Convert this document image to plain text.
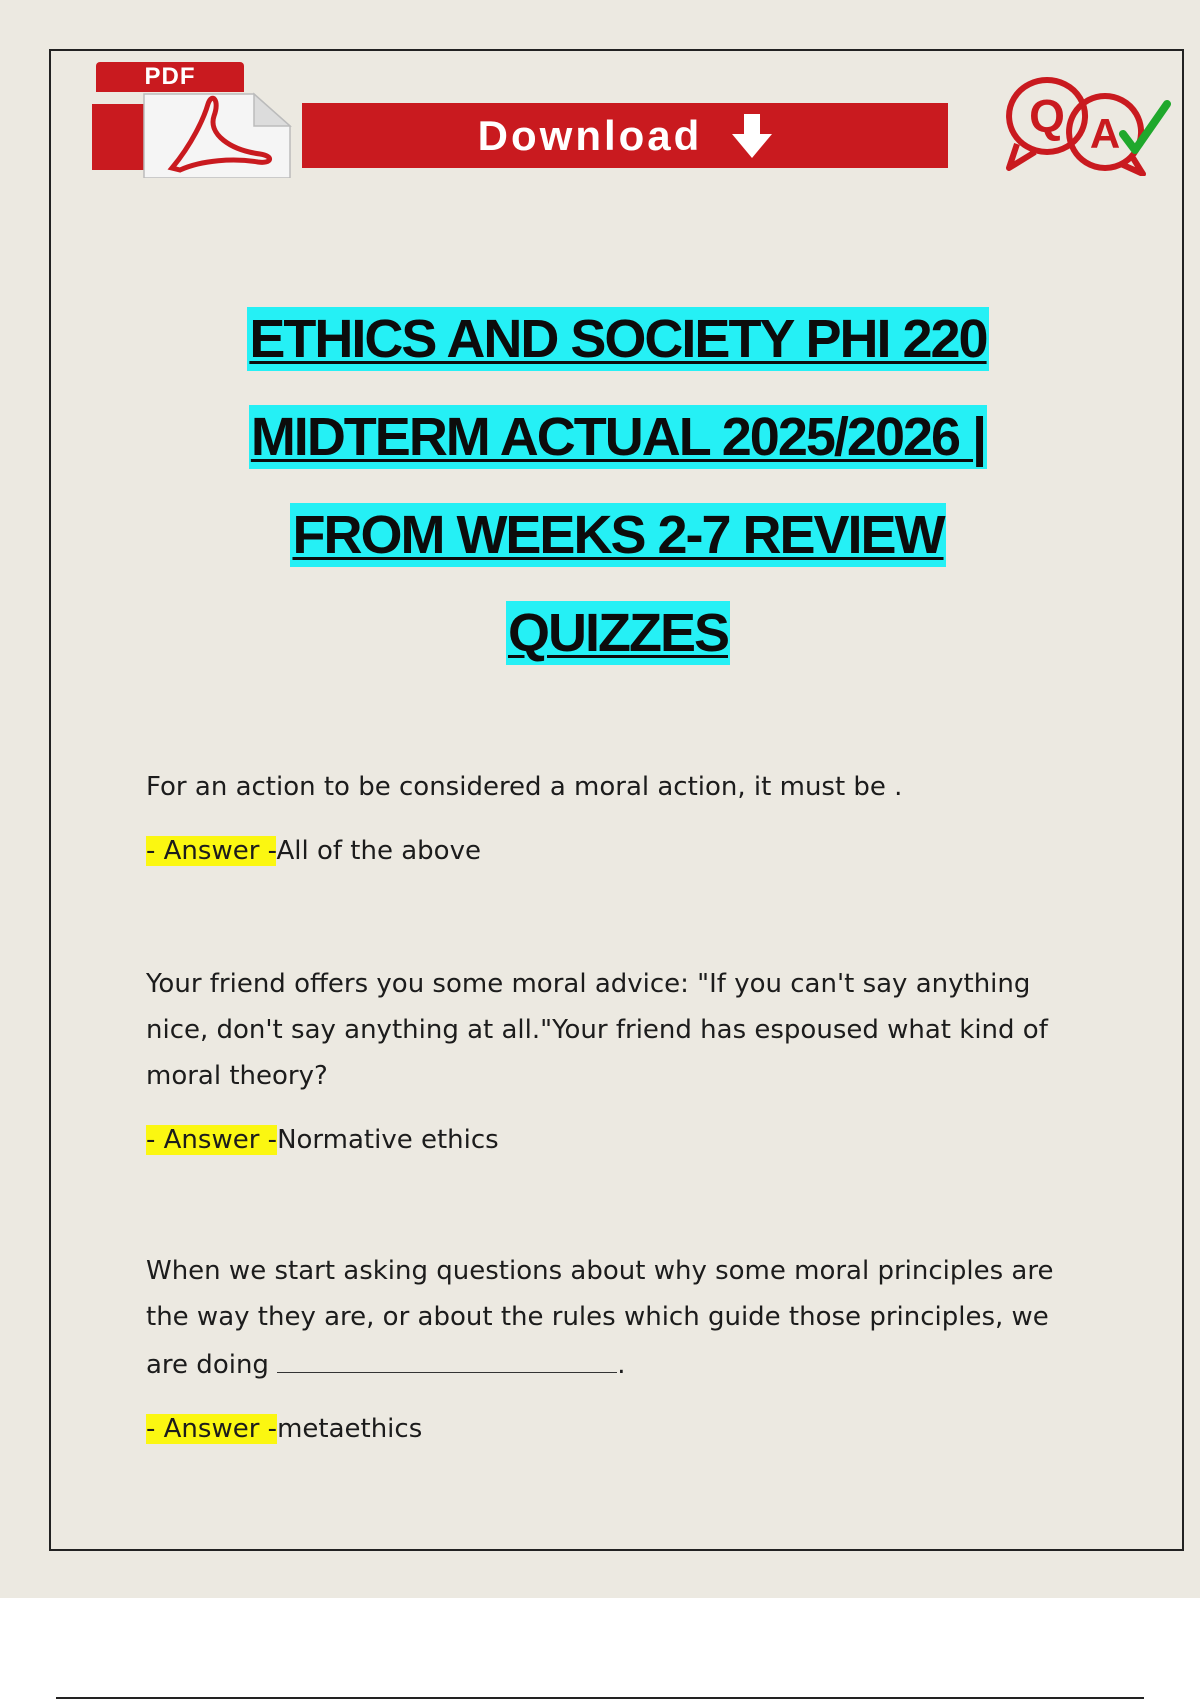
PDF
Download	Q A
ETHICS AND SOCIETY PHI 220
MIDTERM ACTUAL 2025/2026 |
FROM WEEKS 2-7 REVIEW
QUIZZES

For an action to be considered a moral action, it must be .

- Answer -All of the above

Your friend offers you some moral advice: "If you can't say anything nice, don't say anything at all."Your friend has espoused what kind of moral theory?

- Answer -Normative ethics

When we start asking questions about why some moral principles are the way they are, or about the rules which guide those principles, we are doing	.

- Answer -metaethics
